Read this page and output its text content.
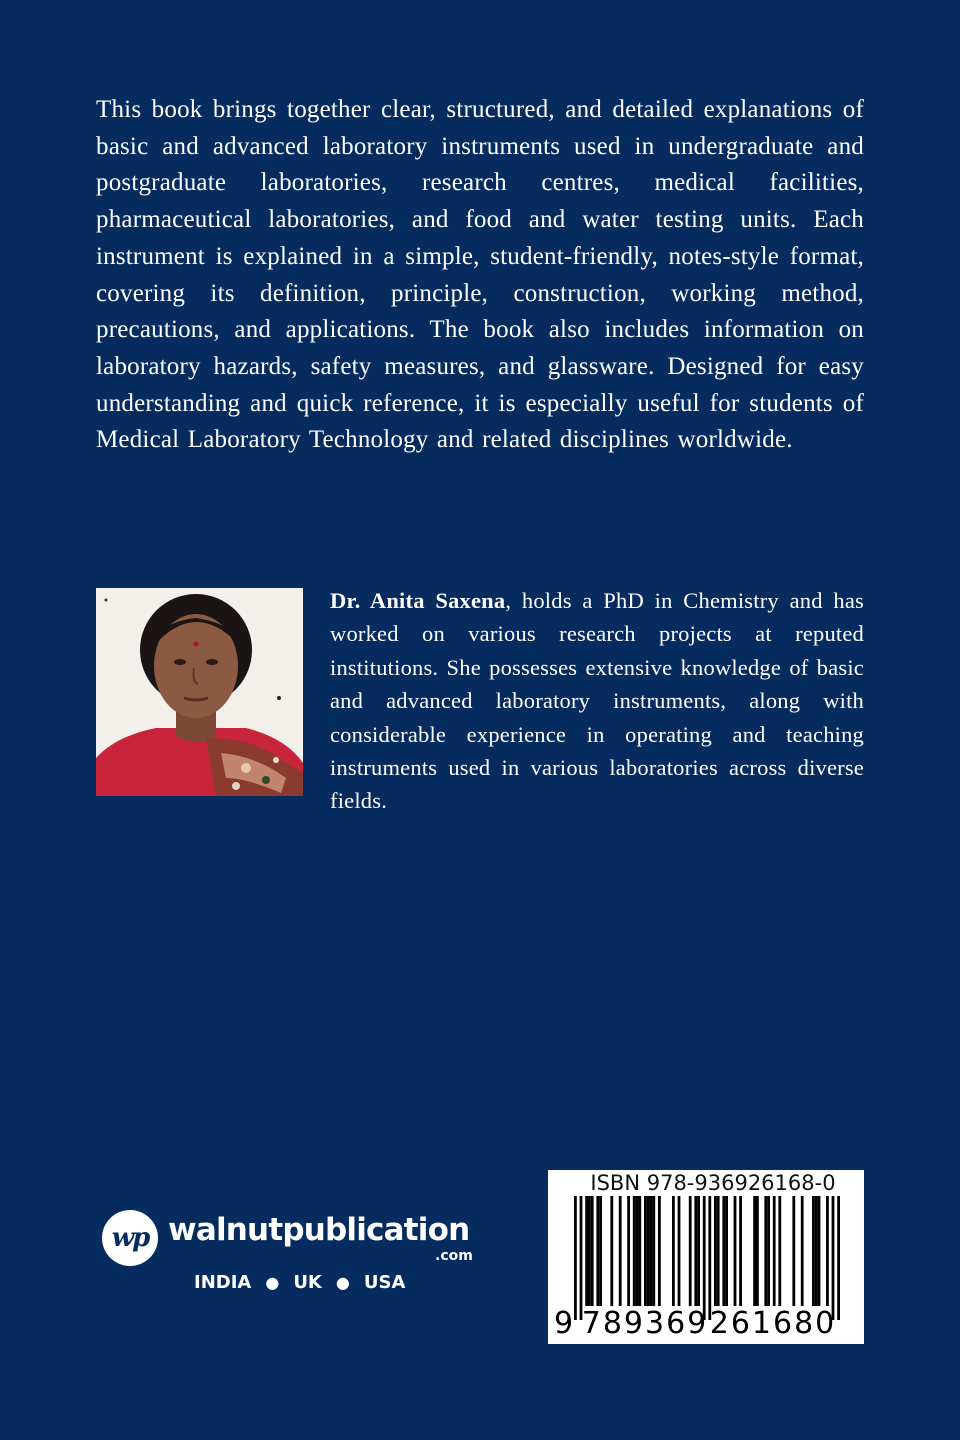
This book brings together clear, structured, and detailed explanations of basic and advanced laboratory instruments used in undergraduate and postgraduate laboratories, research centres, medical facilities, pharmaceutical laboratories, and food and water testing units. Each instrument is explained in a simple, student-friendly, notes-style format, covering its definition, principle, construction, working method, precautions, and applications. The book also includes information on laboratory hazards, safety measures, and glassware. Designed for easy understanding and quick reference, it is especially useful for students of Medical Laboratory Technology and related disciplines worldwide.

Dr. Anita Saxena, holds a PhD in Chemistry and has worked on various research projects at reputed institutions. She possesses extensive knowledge of basic and advanced laboratory instruments, along with considerable experience in operating and teaching instruments used in various laboratories across diverse fields.

wp walnutpublication
.com
INDIA ● UK ● USA
ISBN 978-936926168-0
9 789369 261680
